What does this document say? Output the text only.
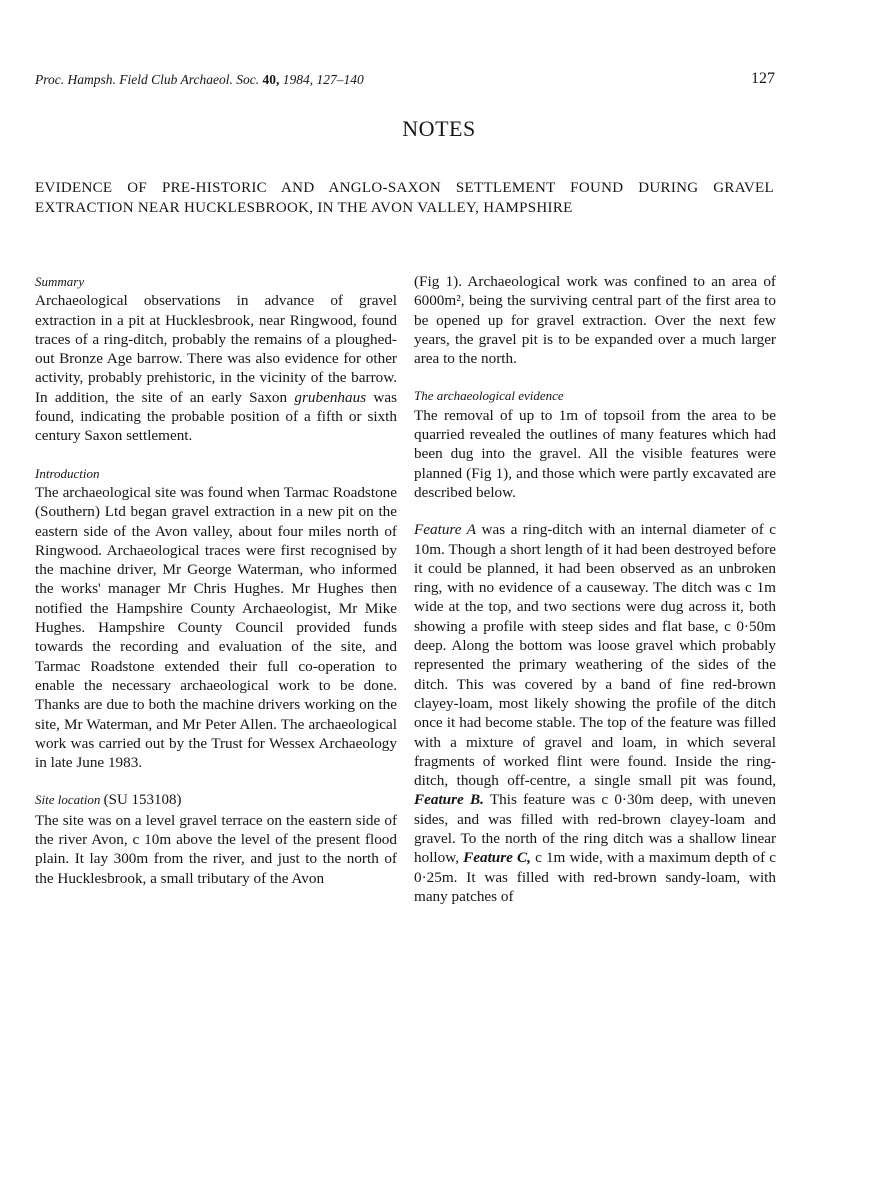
Proc. Hampsh. Field Club Archaeol. Soc. 40, 1984, 127–140	127
NOTES
EVIDENCE OF PRE-HISTORIC AND ANGLO-SAXON SETTLEMENT FOUND DURING GRAVEL EXTRACTION NEAR HUCKLESBROOK, IN THE AVON VALLEY, HAMPSHIRE
Summary

Archaeological observations in advance of gravel extraction in a pit at Hucklesbrook, near Ringwood, found traces of a ring-ditch, probably the remains of a ploughed-out Bronze Age barrow. There was also evidence for other activity, probably prehistoric, in the vicinity of the barrow. In addition, the site of an early Saxon grubenhaus was found, indicating the probable position of a fifth or sixth century Saxon settlement.

Introduction

The archaeological site was found when Tarmac Roadstone (Southern) Ltd began gravel extraction in a new pit on the eastern side of the Avon valley, about four miles north of Ringwood. Archaeological traces were first recognised by the machine driver, Mr George Waterman, who informed the works' manager Mr Chris Hughes. Mr Hughes then notified the Hampshire County Archaeologist, Mr Mike Hughes. Hampshire County Council provided funds towards the recording and evaluation of the site, and Tarmac Roadstone extended their full co-operation to enable the necessary archaeological work to be done. Thanks are due to both the machine drivers working on the site, Mr Waterman, and Mr Peter Allen. The archaeological work was carried out by the Trust for Wessex Archaeology in late June 1983.

Site location (SU 153108)

The site was on a level gravel terrace on the eastern side of the river Avon, c 10m above the level of the present flood plain. It lay 300m from the river, and just to the north of the Hucklesbrook, a small tributary of the Avon

(Fig 1). Archaeological work was confined to an area of 6000m², being the surviving central part of the first area to be opened up for gravel extraction. Over the next few years, the gravel pit is to be expanded over a much larger area to the north.

The archaeological evidence

The removal of up to 1m of topsoil from the area to be quarried revealed the outlines of many features which had been dug into the gravel. All the visible features were planned (Fig 1), and those which were partly excavated are described below.

Feature A was a ring-ditch with an internal diameter of c 10m. Though a short length of it had been destroyed before it could be planned, it had been observed as an unbroken ring, with no evidence of a causeway. The ditch was c 1m wide at the top, and two sections were dug across it, both showing a profile with steep sides and flat base, c 0·50m deep. Along the bottom was loose gravel which probably represented the primary weathering of the sides of the ditch. This was covered by a band of fine red-brown clayey-loam, most likely showing the profile of the ditch once it had become stable. The top of the feature was filled with a mixture of gravel and loam, in which several fragments of worked flint were found. Inside the ring-ditch, though off-centre, a single small pit was found, Feature B. This feature was c 0·30m deep, with uneven sides, and was filled with red-brown clayey-loam and gravel. To the north of the ring ditch was a shallow linear hollow, Feature C, c 1m wide, with a maximum depth of c 0·25m. It was filled with red-brown sandy-loam, with many patches of
